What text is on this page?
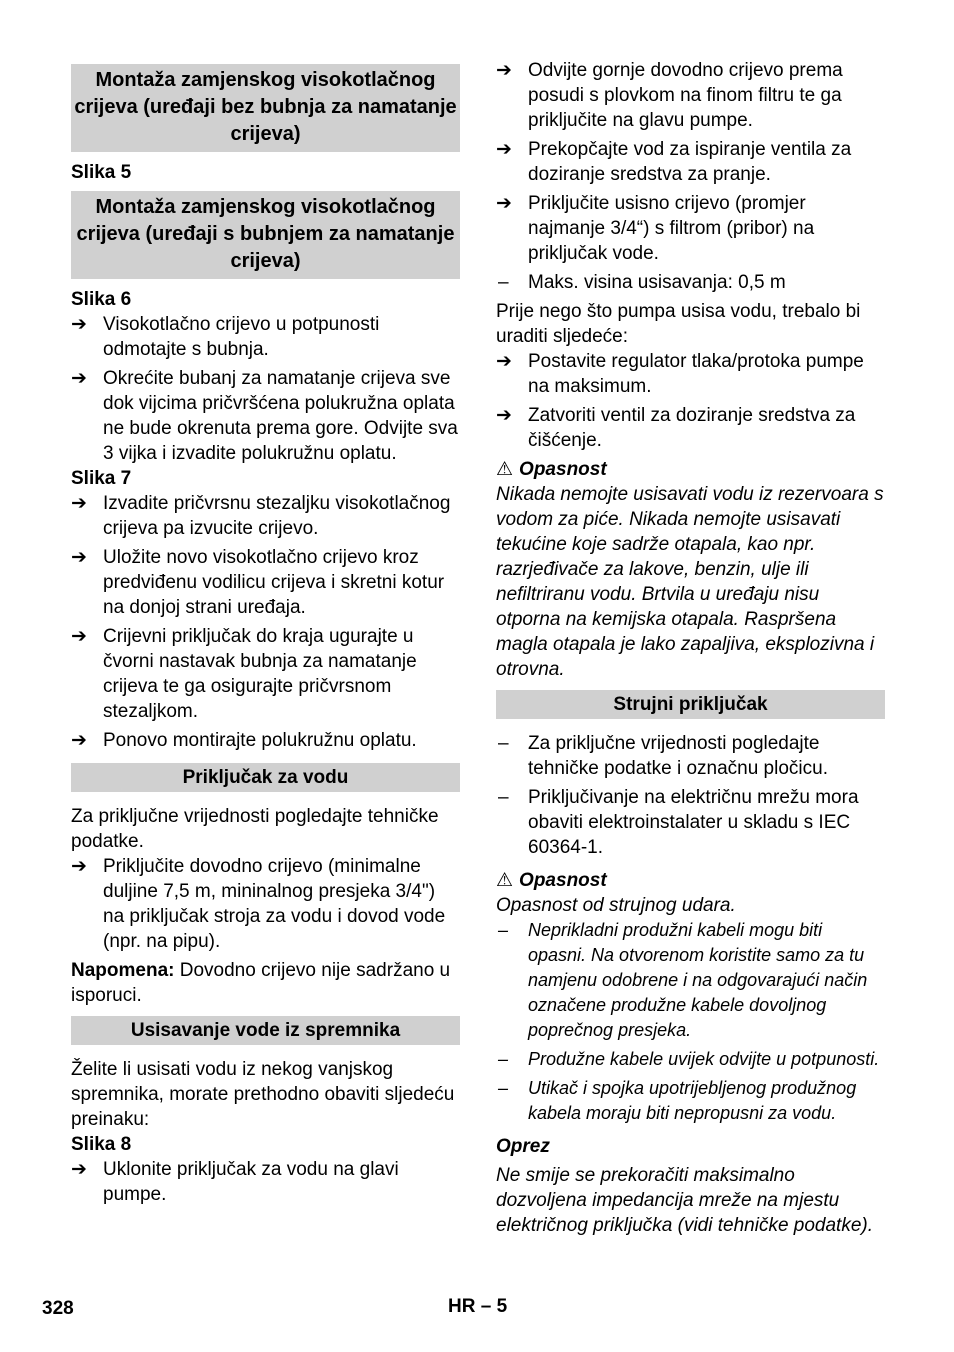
Montaža zamjenskog visokotlačnog crijeva (uređaji bez bubnja za namatanje crijeva)

Slika 5

Montaža zamjenskog visokotlačnog crijeva (uređaji s bubnjem za namatanje crijeva)

Slika 6

➔ Visokotlačno crijevo u potpunosti odmotajte s bubnja.

➔ Okrećite bubanj za namatanje crijeva sve dok vijcima pričvršćena polukružna oplata ne bude okrenuta prema gore. Odvijte sva 3 vijka i izvadite polukružnu oplatu.

Slika 7

➔ Izvadite pričvrsnu stezaljku visokotlačnog crijeva pa izvucite crijevo.

➔ Uložite novo visokotlačno crijevo kroz predviđenu vodilicu crijeva i skretni kotur na donjoj strani uređaja.

➔ Crijevni priključak do kraja ugurajte u čvorni nastavak bubnja za namatanje crijeva te ga osigurajte pričvrsnom stezaljkom.

➔ Ponovo montirajte polukružnu oplatu.

Priključak za vodu

Za priključne vrijednosti pogledajte tehničke podatke.

➔ Priključite dovodno crijevo (minimalne duljine 7,5 m, mininalnog presjeka 3/4") na priključak stroja za vodu i dovod vode (npr. na pipu).

Napomena: Dovodno crijevo nije sadržano u isporuci.

Usisavanje vode iz spremnika

Želite li usisati vodu iz nekog vanjskog spremnika, morate prethodno obaviti sljedeću preinaku:

Slika 8

➔ Uklonite priključak za vodu na glavi pumpe.

➔ Odvijte gornje dovodno crijevo prema posudi s plovkom na finom filtru te ga priključite na glavu pumpe.

➔ Prekopčajte vod za ispiranje ventila za doziranje sredstva za pranje.

➔ Priključite usisno crijevo (promjer najmanje 3/4“) s filtrom (pribor) na priključak vode.

– Maks. visina usisavanja: 0,5 m

Prije nego što pumpa usisa vodu, trebalo bi uraditi sljedeće:

➔ Postavite regulator tlaka/protoka pumpe na maksimum.

➔ Zatvoriti ventil za doziranje sredstva za čišćenje.

⚠ Opasnost

Nikada nemojte usisavati vodu iz rezervoara s vodom za piće. Nikada nemojte usisavati tekućine koje sadrže otapala, kao npr. razrjeđivače za lakove, benzin, ulje ili nefiltriranu vodu. Brtvila u uređaju nisu otporna na kemijska otapala. Raspršena magla otapala je lako zapaljiva, eksplozivna i otrovna.

Strujni priključak

– Za priključne vrijednosti pogledajte tehničke podatke i označnu pločicu.

– Priključivanje na električnu mrežu mora obaviti elektroinstalater u skladu s IEC 60364-1.

⚠ Opasnost

Opasnost od strujnog udara.

– Neprikladni produžni kabeli mogu biti opasni. Na otvorenom koristite samo za tu namjenu odobrene i na odgovarajući način označene produžne kabele dovoljnog poprečnog presjeka.

– Produžne kabele uvijek odvijte u potpunosti.

– Utikač i spojka upotrijebljenog produžnog kabela moraju biti nepropusni za vodu.

Oprez

Ne smije se prekoračiti maksimalno dozvoljena impedancija mreže na mjestu električnog priključka (vidi tehničke podatke).

328	HR – 5
